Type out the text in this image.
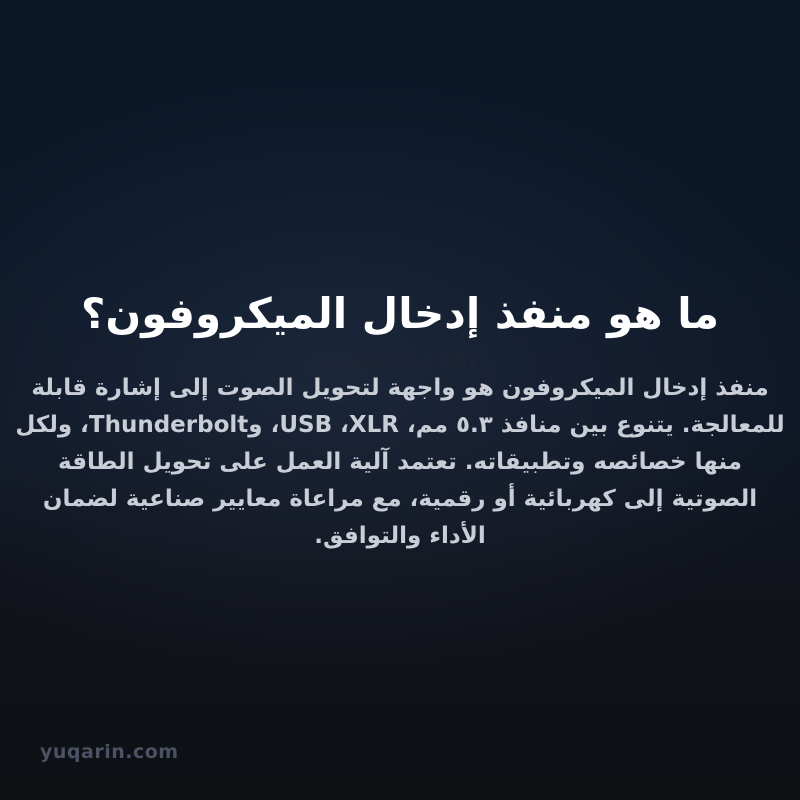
yuqarin.com
ما هو منفذ إدخال الميكروفون؟
منفذ إدخال الميكروفون هو واجهة لتحويل الصوت إلى إشارة قابلة
للمعالجة. يتنوع بين منافذ ٥.٣ مم، XLR‏، USB‏، وThunderbolt‏، ولكل
منها خصائصه وتطبيقاته. تعتمد آلية العمل على تحويل الطاقة
الصوتية إلى كهربائية أو رقمية، مع مراعاة معايير صناعية لضمان
الأداء والتوافق.
yuqarin.com
